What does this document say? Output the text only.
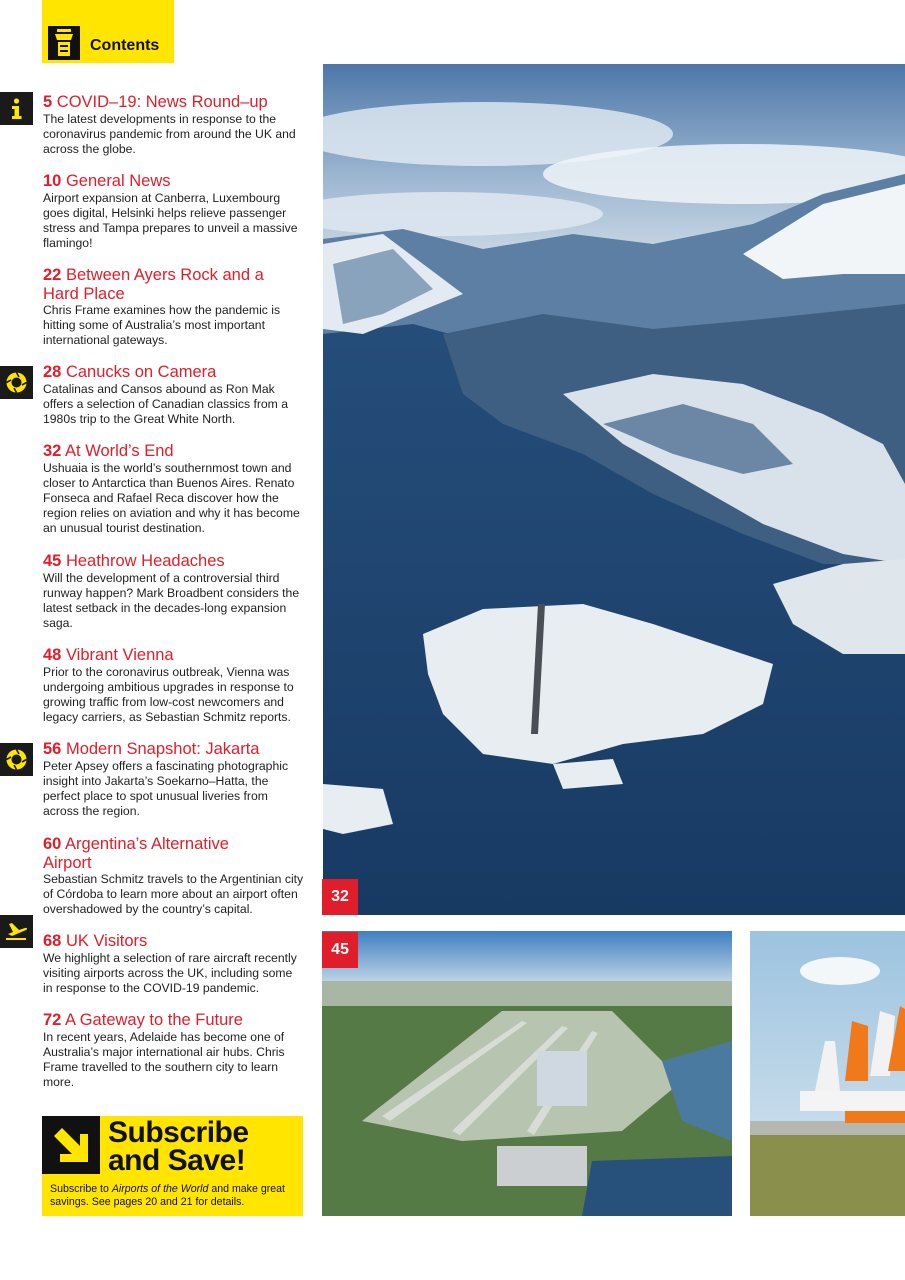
Contents
5 COVID–19: News Round–up
The latest developments in response to the coronavirus pandemic from around the UK and across the globe.
10 General News
Airport expansion at Canberra, Luxembourg goes digital, Helsinki helps relieve passenger stress and Tampa prepares to unveil a massive flamingo!
22 Between Ayers Rock and a Hard Place
Chris Frame examines how the pandemic is hitting some of Australia’s most important international gateways.
28 Canucks on Camera
Catalinas and Cansos abound as Ron Mak offers a selection of Canadian classics from a 1980s trip to the Great White North.
32 At World’s End
Ushuaia is the world’s southernmost town and closer to Antarctica than Buenos Aires. Renato Fonseca and Rafael Reca discover how the region relies on aviation and why it has become an unusual tourist destination.
45 Heathrow Headaches
Will the development of a controversial third runway happen? Mark Broadbent considers the latest setback in the decades-long expansion saga.
48 Vibrant Vienna
Prior to the coronavirus outbreak, Vienna was undergoing ambitious upgrades in response to growing traffic from low-cost newcomers and legacy carriers, as Sebastian Schmitz reports.
56 Modern Snapshot: Jakarta
Peter Apsey offers a fascinating photographic insight into Jakarta’s Soekarno–Hatta, the perfect place to spot unusual liveries from across the region.
60 Argentina’s Alternative Airport
Sebastian Schmitz travels to the Argentinian city of Córdoba to learn more about an airport often overshadowed by the country’s capital.
68 UK Visitors
We highlight a selection of rare aircraft recently visiting airports across the UK, including some in response to the COVID-19 pandemic.
72 A Gateway to the Future
In recent years, Adelaide has become one of Australia’s major international air hubs. Chris Frame travelled to the southern city to learn more.
Subscribe
and Save!
Subscribe to Airports of the World and make great savings. See pages 20 and 21 for details.
32
45
